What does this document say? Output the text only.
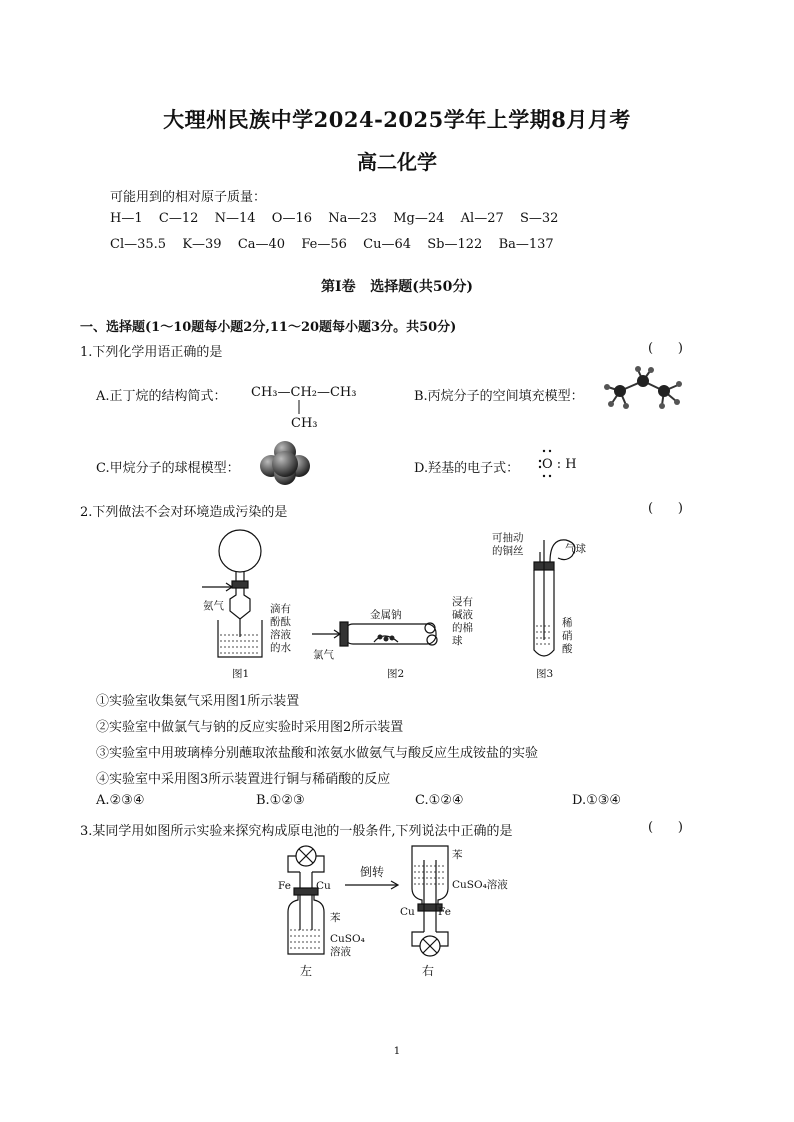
大理州民族中学2024-2025学年上学期8月月考
高二化学
可能用到的相对原子质量：
H—1  C—12  N—14  O—16  Na—23  Mg—24  Al—27  S—32
Cl—35.5  K—39  Ca—40  Fe—56  Cu—64  Sb—122  Ba—137
第Ⅰ卷   选择题(共50分)
一、选择题(1～10题每小题2分,11～20题每小题3分。共50分)
1.下列化学用语正确的是	(      )
A.正丁烷的结构简式： CH₃—CH₂—CH₃
CH₃
B.丙烷分子的空间填充模型：
C.甲烷分子的球棍模型：	D.羟基的电子式： O : H
2.下列做法不会对环境造成污染的是	(      )
氨气	滴有
酚酞
溶液
的水
图1
金属钠
氯气
浸有
碱液
的棉
球
图2
可抽动
的铜丝	气球
稀
硝
酸
图3
①实验室收集氨气采用图1所示装置
②实验室中做氯气与钠的反应实验时采用图2所示装置
③实验室中用玻璃棒分别蘸取浓盐酸和浓氨水做氨气与酸反应生成铵盐的实验
④实验室中采用图3所示装置进行铜与稀硝酸的反应
A.②③④	B.①②③	C.①②④	D.①③④
3.某同学用如图所示实验来探究构成原电池的一般条件,下列说法中正确的是	(      )
Fe Cu
苯
CuSO₄
溶液
左
倒转
苯
CuSO₄溶液
Cu Fe
右
1
